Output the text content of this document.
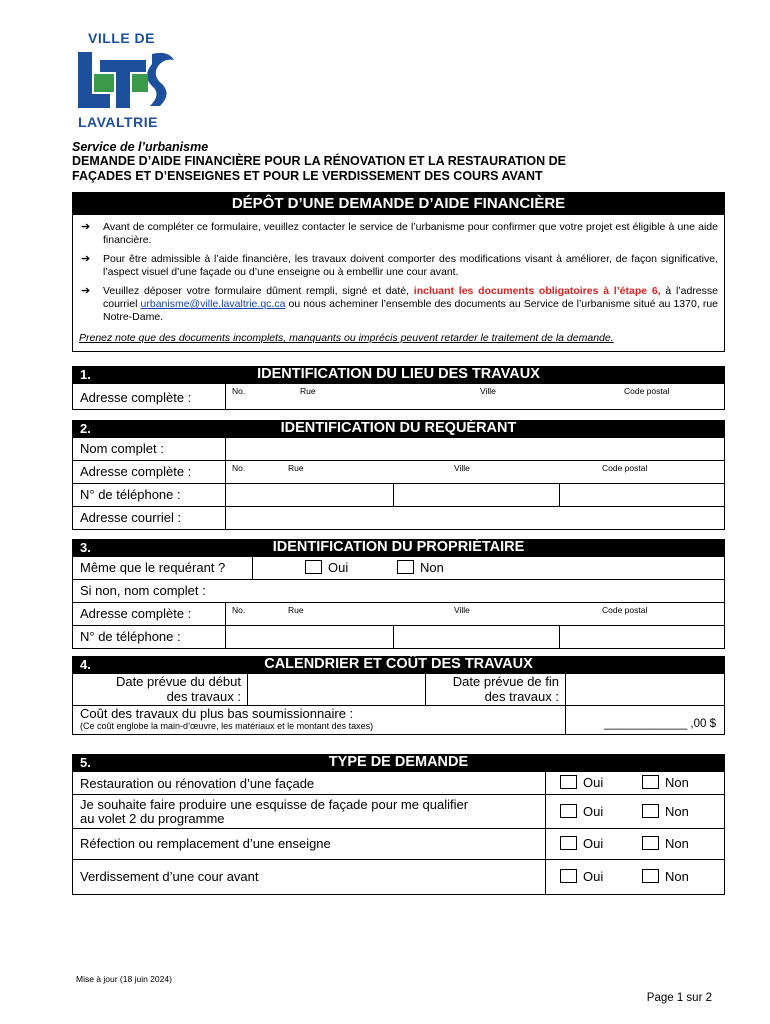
VILLE DE
LAVALTRIE
Service de l’urbanisme
DEMANDE D’AIDE FINANCIÈRE POUR LA RÉNOVATION ET LA RESTAURATION DE
FAÇADES ET D’ENSEIGNES ET POUR LE VERDISSEMENT DES COURS AVANT
DÉPÔT D’UNE DEMANDE D’AIDE FINANCIÈRE
➔	Avant de compléter ce formulaire, veuillez contacter le service de l’urbanisme pour confirmer que votre projet est éligible à une aide financière.
➔	Pour être admissible à l’aide financière, les travaux doivent comporter des modifications visant à améliorer, de façon significative, l’aspect visuel d’une façade ou d’une enseigne ou à embellir une cour avant.
➔	Veuillez déposer votre formulaire dûment rempli, signé et daté, incluant les documents obligatoires à l’étape 6, à l’adresse courriel urbanisme@ville.lavaltrie.qc.ca ou nous acheminer l’ensemble des documents au Service de l’urbanisme situé au 1370, rue Notre-Dame.
Prenez note que des documents incomplets, manquants ou imprécis peuvent retarder le traitement de la demande.
1.	IDENTIFICATION DU LIEU DES TRAVAUX
Adresse complète :	No.	Rue	Ville	Code postal
2.	IDENTIFICATION DU REQUÉRANT
Nom complet :
Adresse complète :	No.	Rue	Ville	Code postal
N° de téléphone :
Adresse courriel :
3.	IDENTIFICATION DU PROPRIÉTAIRE
Même que le requérant ?	Oui	Non
Si non, nom complet :
Adresse complète :	No.	Rue	Ville	Code postal
N° de téléphone :
4.	CALENDRIER ET COÛT DES TRAVAUX
Date prévue du début
des travaux :
Date prévue de fin
des travaux :
Coût des travaux du plus bas soumissionnaire :
(Ce coût englobe la main-d’œuvre, les matériaux et le montant des taxes)	_____________ ,00 $
5.	TYPE DE DEMANDE
Restauration ou rénovation d’une façade	Oui	Non
Je souhaite faire produire une esquisse de façade pour me qualifier
au volet 2 du programme	Oui	Non
Réfection ou remplacement d’une enseigne	Oui	Non
Verdissement d’une cour avant	Oui	Non
Mise à jour (18 juin 2024)
Page 1 sur 2
